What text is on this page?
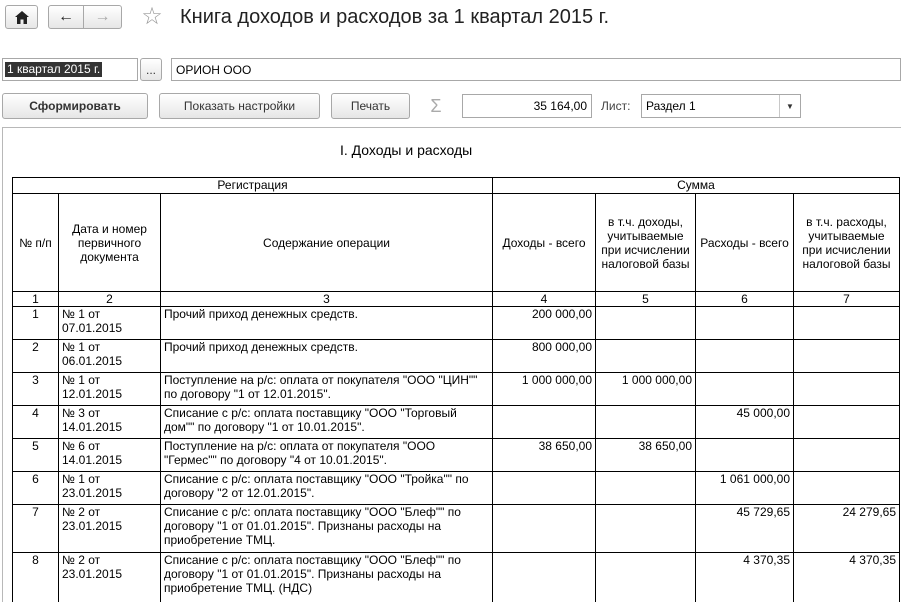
← → ☆ Книга доходов и расходов за 1 квартал 2015 г.
1 квартал 2015 г.	...	ОРИОН ООО
Сформировать	Показать настройки	Печать	Σ	35 164,00	Лист: Раздел 1	▼
I. Доходы и расходы
Регистрация			Сумма			
№ п/п	Дата и номер первичного документа	Содержание операции	Доходы - всего	в т.ч. доходы, учитываемые при исчислении налоговой базы	Расходы - всего	в т.ч. расходы, учитываемые при исчислении налоговой базы
1	2	3	4	5	6	7
1	№ 1 от 07.01.2015	Прочий приход денежных средств.	200 000,00			
2	№ 1 от 06.01.2015	Прочий приход денежных средств.	800 000,00			
3	№ 1 от 12.01.2015	Поступление на р/с: оплата от покупателя "ООО "ЦИН"" по договору "1 от 12.01.2015".	1 000 000,00	1 000 000,00		
4	№ 3 от 14.01.2015	Списание с р/с: оплата поставщику "ООО "Торговый дом"" по договору "1 от 10.01.2015".			45 000,00	
5	№ 6 от 14.01.2015	Поступление на р/с: оплата от покупателя "ООО "Гермес"" по договору "4 от 10.01.2015".	38 650,00	38 650,00		
6	№ 1 от 23.01.2015	Списание с р/с: оплата поставщику "ООО "Тройка"" по договору "2 от 12.01.2015".			1 061 000,00	
7	№ 2 от 23.01.2015	Списание с р/с: оплата поставщику "ООО "Блеф"" по договору "1 от 01.01.2015". Признаны расходы на приобретение ТМЦ.			45 729,65	24 279,65
8	№ 2 от 23.01.2015	Списание с р/с: оплата поставщику "ООО "Блеф"" по договору "1 от 01.01.2015". Признаны расходы на приобретение ТМЦ. (НДС)			4 370,35	4 370,35
